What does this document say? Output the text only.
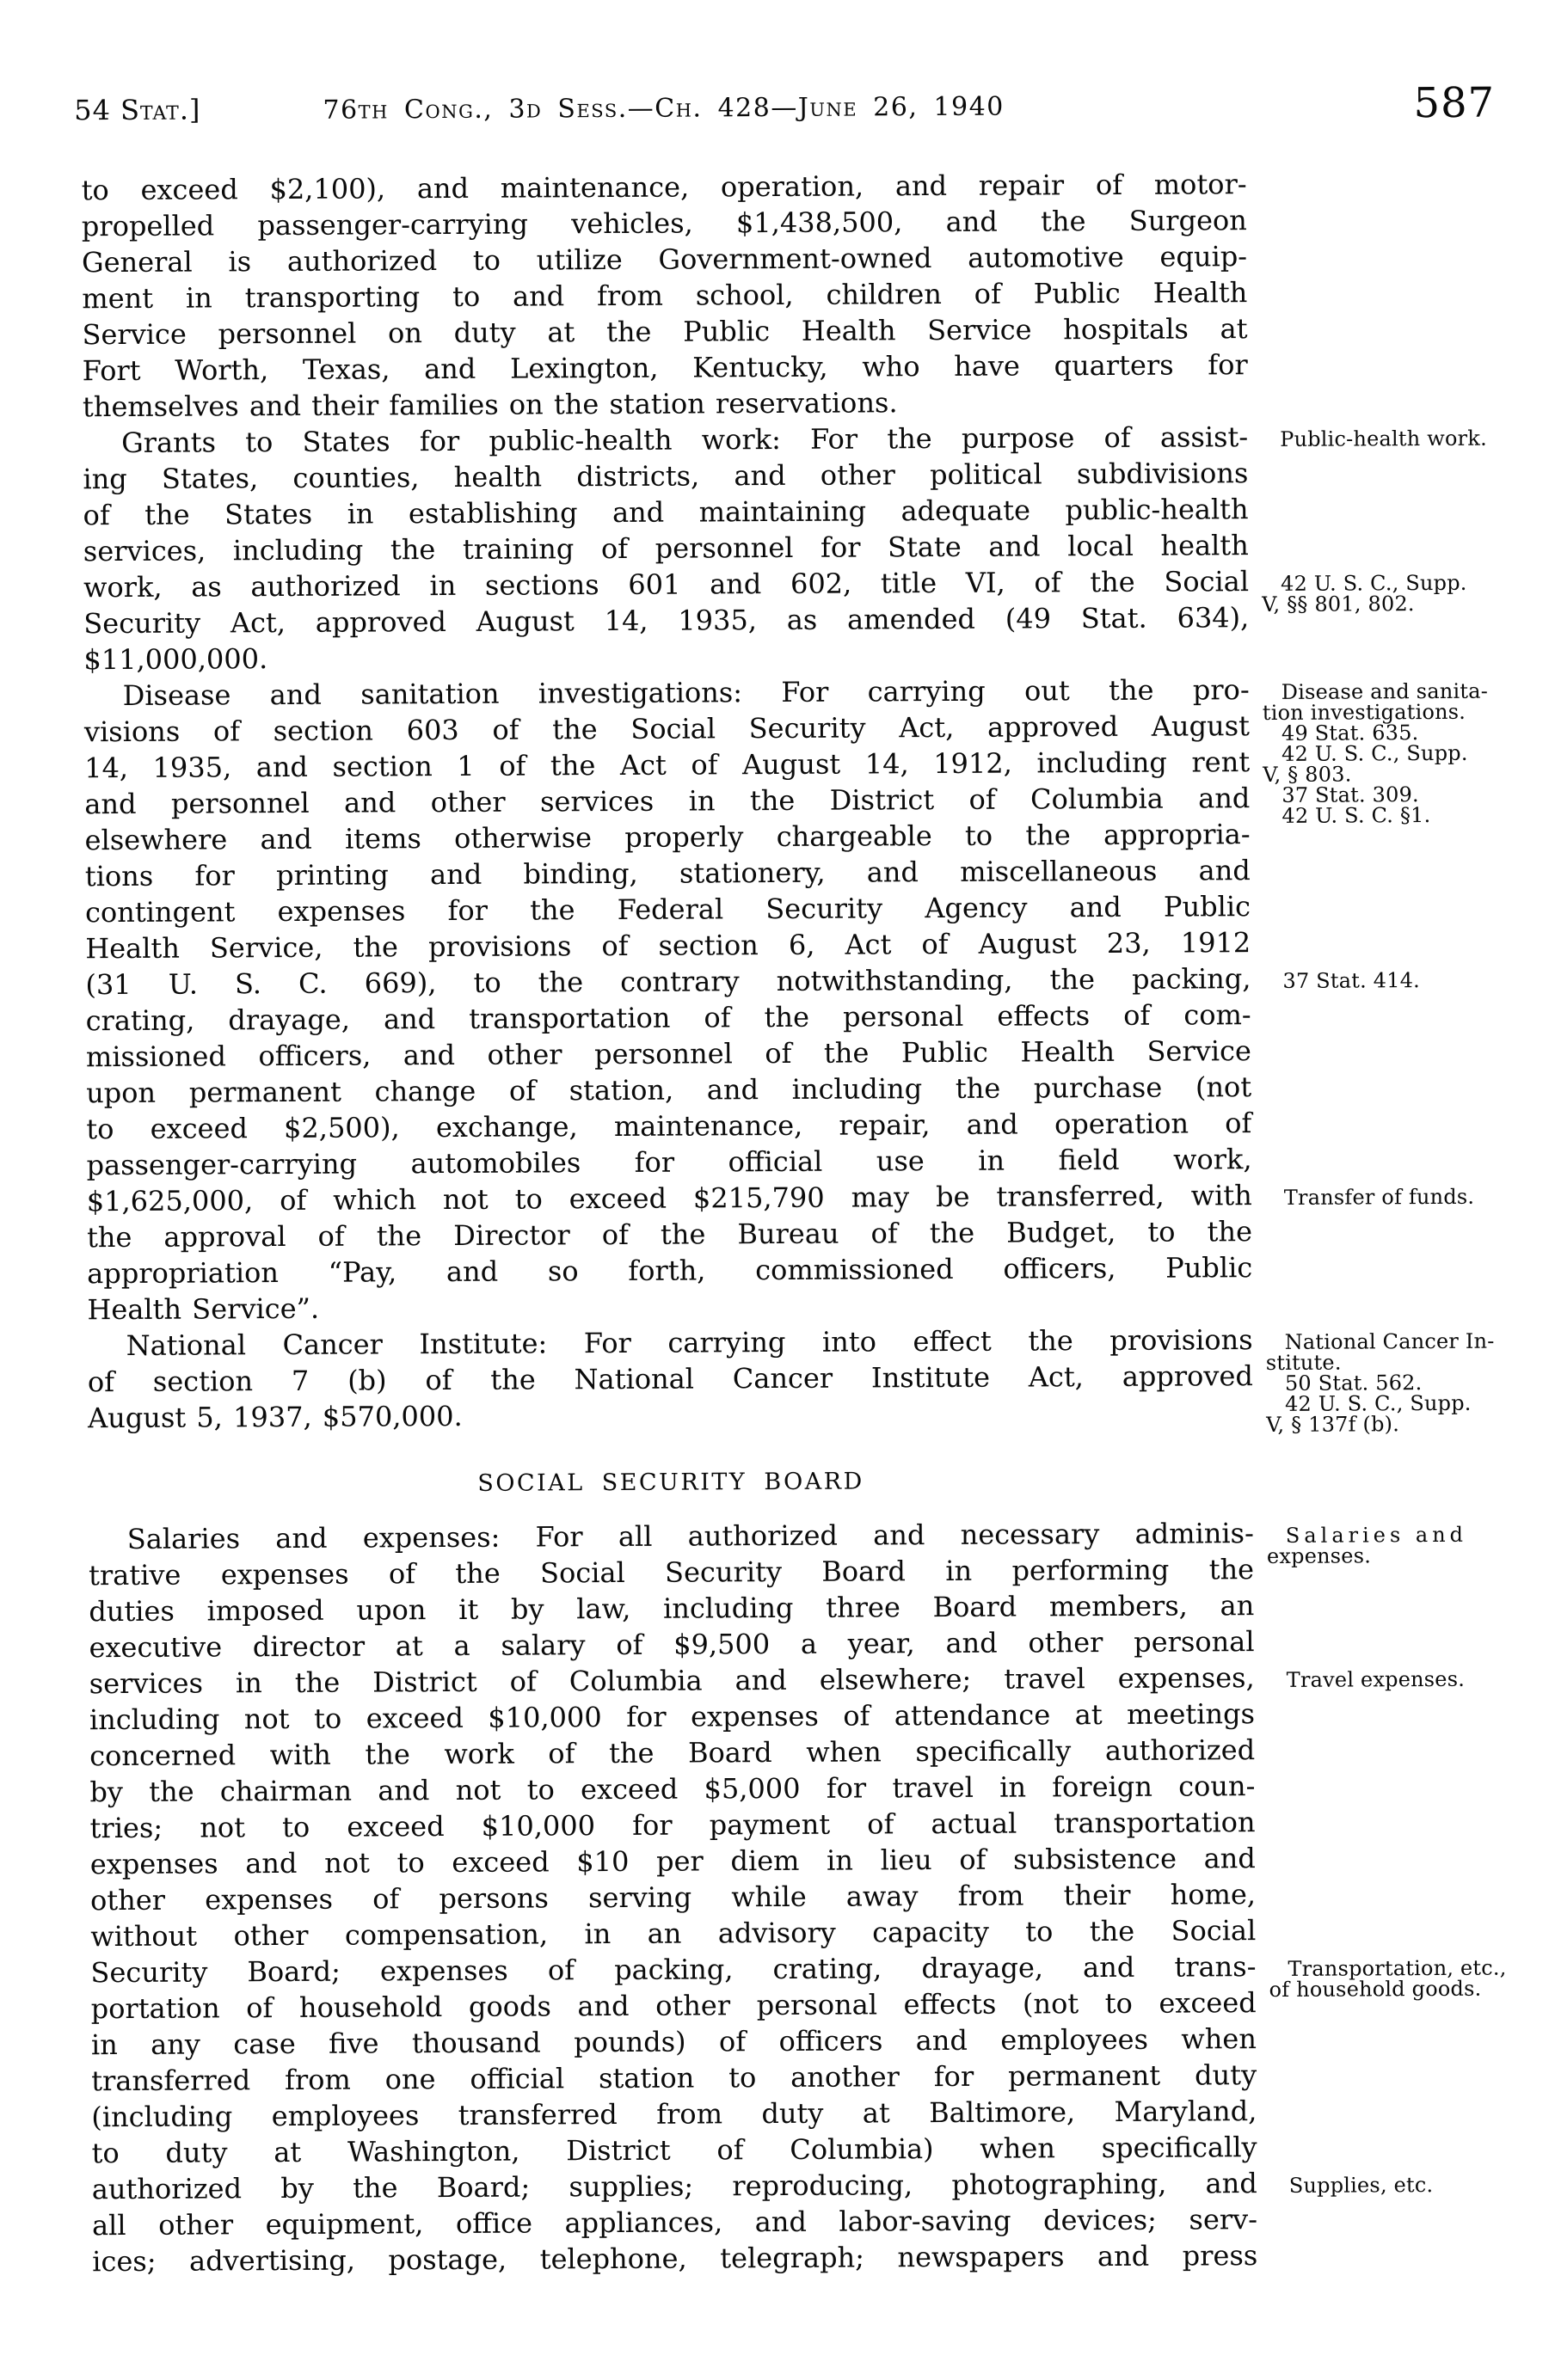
54 Stat.]	76th Cong., 3d Sess.—Ch. 428—June 26, 1940	587
to exceed $2,100), and maintenance, operation, and repair of motor-
propelled passenger-carrying vehicles, $1,438,500, and the Surgeon
General is authorized to utilize Government-owned automotive equip-
ment in transporting to and from school, children of Public Health
Service personnel on duty at the Public Health Service hospitals at
Fort Worth, Texas, and Lexington, Kentucky, who have quarters for
themselves and their families on the station reservations.
Grants to States for public-health work: For the purpose of assist-
ing States, counties, health districts, and other political subdivisions
of the States in establishing and maintaining adequate public-health
services, including the training of personnel for State and local health
work, as authorized in sections 601 and 602, title VI, of the Social
Security Act, approved August 14, 1935, as amended (49 Stat. 634),
$11,000,000.
Disease and sanitation investigations: For carrying out the pro-
visions of section 603 of the Social Security Act, approved August
14, 1935, and section 1 of the Act of August 14, 1912, including rent
and personnel and other services in the District of Columbia and
elsewhere and items otherwise properly chargeable to the appropria-
tions for printing and binding, stationery, and miscellaneous and
contingent expenses for the Federal Security Agency and Public
Health Service, the provisions of section 6, Act of August 23, 1912
(31 U. S. C. 669), to the contrary notwithstanding, the packing,
crating, drayage, and transportation of the personal effects of com-
missioned officers, and other personnel of the Public Health Service
upon permanent change of station, and including the purchase (not
to exceed $2,500), exchange, maintenance, repair, and operation of
passenger-carrying automobiles for official use in field work,
$1,625,000, of which not to exceed $215,790 may be transferred, with
the approval of the Director of the Bureau of the Budget, to the
appropriation “Pay, and so forth, commissioned officers, Public
Health Service”.
National Cancer Institute: For carrying into effect the provisions
of section 7 (b) of the National Cancer Institute Act, approved
August 5, 1937, $570,000.
SOCIAL SECURITY BOARD
Salaries and expenses: For all authorized and necessary adminis-
trative expenses of the Social Security Board in performing the
duties imposed upon it by law, including three Board members, an
executive director at a salary of $9,500 a year, and other personal
services in the District of Columbia and elsewhere; travel expenses,
including not to exceed $10,000 for expenses of attendance at meetings
concerned with the work of the Board when specifically authorized
by the chairman and not to exceed $5,000 for travel in foreign coun-
tries; not to exceed $10,000 for payment of actual transportation
expenses and not to exceed $10 per diem in lieu of subsistence and
other expenses of persons serving while away from their home,
without other compensation, in an advisory capacity to the Social
Security Board; expenses of packing, crating, drayage, and trans-
portation of household goods and other personal effects (not to exceed
in any case five thousand pounds) of officers and employees when
transferred from one official station to another for permanent duty
(including employees transferred from duty at Baltimore, Maryland,
to duty at Washington, District of Columbia) when specifically
authorized by the Board; supplies; reproducing, photographing, and
all other equipment, office appliances, and labor-saving devices; serv-
ices; advertising, postage, telephone, telegraph; newspapers and press
Public-health work.
42 U. S. C., Supp.
V, §§ 801, 802.
Disease and sanita-
tion investigations.
49 Stat. 635.
42 U. S. C., Supp.
V, § 803.
37 Stat. 309.
42 U. S. C. §1.
37 Stat. 414.
Transfer of funds.
National Cancer In-
stitute.
50 Stat. 562.
42 U. S. C., Supp.
V, § 137f (b).
Salaries and
expenses.
Travel expenses.
Transportation, etc.,
of household goods.
Supplies, etc.
